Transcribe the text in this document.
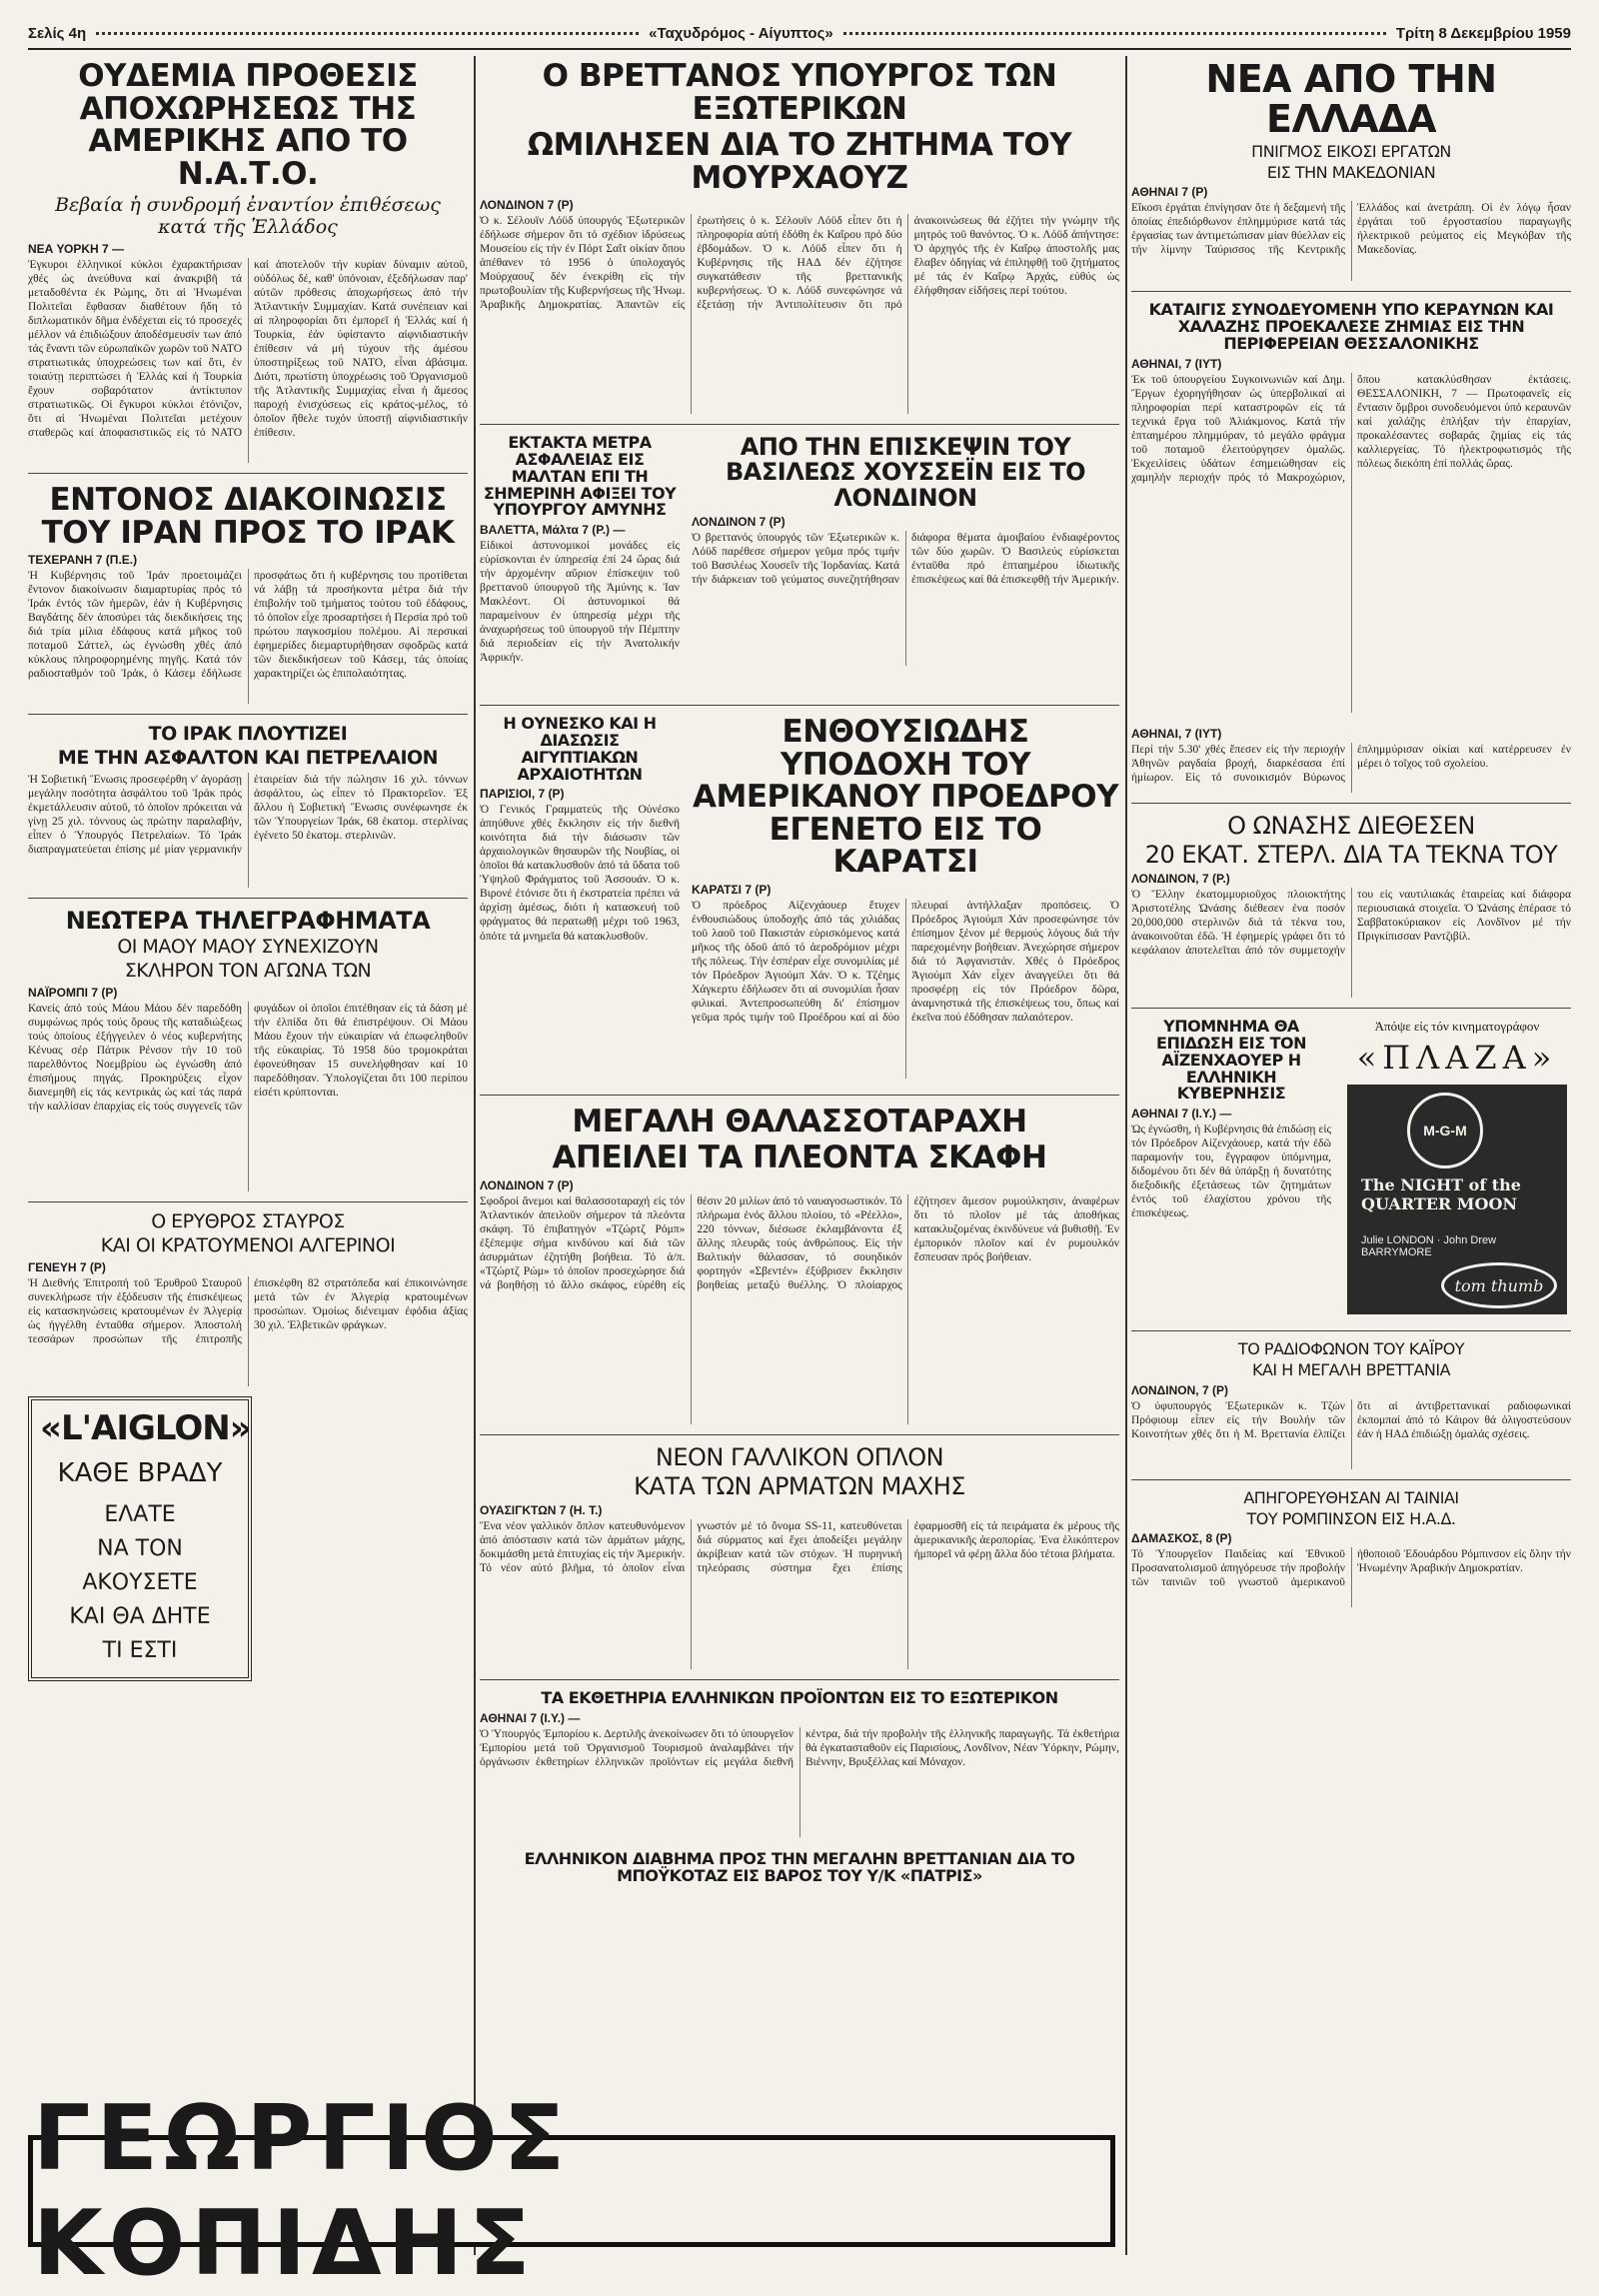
Σελίς 4η	«Ταχυδρόμος - Αίγυπτος»	Τρίτη 8 Δεκεμβρίου 1959
ΟΥΔΕΜΙΑ ΠΡΟΘΕΣΙΣ ΑΠΟΧΩΡΗΣΕΩΣ ΤΗΣ ΑΜΕΡΙΚΗΣ ΑΠΟ ΤΟ Ν.Α.Τ.Ο.
Βεβαία ἡ συνδρομή ἐναντίον ἐπιθέσεως κατά τῆς Ἑλλάδος
ΝΕΑ ΥΟΡΚΗ 7 —
Ἐγκυροι ἑλληνικοί κύκλοι ἐχαρακτήρισαν χθές ὡς ἀνεύθυνα καί ἀνακριβῆ τά μεταδοθέντα ἐκ Ρώμης, ὅτι αἱ Ἡνωμέναι Πολιτεῖαι ἔφθασαν διαθέτουν ἤδη τό διπλωματικόν δῆμα ἐνδέχεται εἰς τό προσεχές μέλλον νά ἐπιδιώξουν ἀποδέσμευσίν των ἀπό τάς ἔναντι τῶν εὐρωπαϊκῶν χωρῶν τοῦ ΝΑΤΟ στρατιωτικάς ὑποχρεώσεις των καί ὅτι, ἐν τοιαύτῃ περιπτώσει ἡ Ἑλλάς καί ἡ Τουρκία ἔχουν σοβαρότατον ἀντίκτυπον στρατιωτικῶς. Οἱ ἔγκυροι κύκλοι ἐτόνιζον, ὅτι αἱ Ἡνωμέναι Πολιτεῖαι μετέχουν σταθερῶς καί ἀποφασιστικῶς εἰς τό ΝΑΤΟ καί ἀποτελοῦν τήν κυρίαν δύναμιν αὐτοῦ, οὐδόλως δέ, καθ' ὑπόνοιαν, ἐξεδήλωσαν παρ' αὐτῶν πρόθεσις ἀποχωρήσεως ἀπό τήν Ἀτλαντικήν Συμμαχίαν. Κατά συνέπειαν καί αἱ πληροφορίαι ὅτι ἐμπορεῖ ἡ Ἑλλάς καί ἡ Τουρκία, ἐάν ὑφίσταντο αἰφνιδιαστικήν ἐπίθεσιν νά μή τύχουν τῆς ἀμέσου ὑποστηρίξεως τοῦ ΝΑΤΟ, εἶναι ἀβάσιμα. Διότι, πρωτίστη ὑποχρέωσις τοῦ Ὀργανισμοῦ τῆς Ἀτλαντικῆς Συμμαχίας εἶναι ἡ ἄμεσος παροχή ἐνισχύσεως εἰς κράτος-μέλος, τό ὁποῖον ἤθελε τυχόν ὑποστῇ αἰφνιδιαστικήν ἐπίθεσιν.
ΕΝΤΟΝΟΣ ΔΙΑΚΟΙΝΩΣΙΣ ΤΟΥ ΙΡΑΝ ΠΡΟΣ ΤΟ ΙΡΑΚ
ΤΕΧΕΡΑΝΗ 7 (Π.Ε.)
Ἡ Κυβέρνησις τοῦ Ἰράν προετοιμάζει ἔντονον διακοίνωσιν διαμαρτυρίας πρός τό Ἰράκ ἐντός τῶν ἡμερῶν, ἐάν ἡ Κυβέρνησις Βαγδάτης δέν ἀποσύρει τάς διεκδικήσεις της διά τρία μίλια ἐδάφους κατά μῆκος τοῦ ποταμοῦ Σάττελ, ὡς ἐγνώσθη χθές ἀπό κύκλους πληροφορημένης πηγῆς. Κατά τόν ραδιοσταθμόν τοῦ Ἰράκ, ὁ Κάσεμ ἐδήλωσε προσφάτως ὅτι ἡ κυβέρνησις του προτίθεται νά λάβῃ τά προσήκοντα μέτρα διά τήν ἐπιβολήν τοῦ τμήματος τούτου τοῦ ἐδάφους, τό ὁποῖον εἶχε προσαρτήσει ἡ Περσία πρό τοῦ πρώτου παγκοσμίου πολέμου. Αἱ περσικαί ἐφημερίδες διεμαρτυρήθησαν σφοδρῶς κατά τῶν διεκδικήσεων τοῦ Κάσεμ, τάς ὁποίας χαρακτηρίζει ὡς ἐπιπολαιότητας.
ΤΟ ΙΡΑΚ ΠΛΟΥΤΙΖΕΙ
ΜΕ ΤΗΝ ΑΣΦΑΛΤΟΝ ΚΑΙ ΠΕΤΡΕΛΑΙΟΝ
Ἡ Σοβιετική Ἕνωσις προσεφέρθη ν' ἀγοράσῃ μεγάλην ποσότητα ἀσφάλτου τοῦ Ἰράκ πρός ἐκμετάλλευσιν αὐτοῦ, τό ὁποῖον πρόκειται νά γίνῃ 25 χιλ. τόννους ὡς πρώτην παραλαβήν, εἶπεν ὁ Ὑπουργός Πετρελαίων. Τό Ἰράκ διαπραγματεύεται ἐπίσης μέ μίαν γερμανικήν ἑταιρείαν διά τήν πώλησιν 16 χιλ. τόννων ἀσφάλτου, ὡς εἶπεν τό Πρακτορεῖον. Ἐξ ἄλλου ἡ Σοβιετική Ἕνωσις συνέφωνησε ἐκ τῶν Ὑπουργείων Ἰράκ, 68 ἑκατομ. στερλίνας ἐγένετο 50 ἑκατομ. στερλινῶν.
ΝΕΩΤΕΡΑ ΤΗΛΕΓΡΑΦΗΜΑΤΑ
ΟΙ ΜΑΟΥ ΜΑΟΥ ΣΥΝΕΧΙΖΟΥΝ
ΣΚΛΗΡΟΝ ΤΟΝ ΑΓΩΝΑ ΤΩΝ
ΝΑΪΡΟΜΠΙ 7 (Ρ)
Κανείς ἀπό τούς Μάου Μάου δέν παρεδόθη συμφώνως πρός τούς ὅρους τῆς καταδιώξεως τούς ὁποίους ἐξήγγειλεν ὁ νέος κυβερνήτης Κένυας σέρ Πάτρικ Ρένσον τήν 10 τοῦ παρελθόντος Νοεμβρίου ὡς ἐγνώσθη ἀπό ἐπισήμους πηγάς. Προκηρύξεις εἶχον διανεμηθῆ εἰς τάς κεντρικάς ὡς καί τάς παρά τήν καλλίσαν ἐπαρχίας εἰς τούς συγγενεῖς τῶν φυγάδων οἱ ὁποῖοι ἐπιτέθησαν εἰς τά δάση μέ τήν ἐλπίδα ὅτι θά ἐπιστρέψουν. Οἱ Μάου Μάου ἔχουν τήν εὐκαιρίαν νά ἐπωφεληθοῦν τῆς εὐκαιρίας. Τό 1958 δύο τρομοκράται ἐφονεύθησαν 15 συνελήφθησαν καί 10 παρεδόθησαν. Ὑπολογίζεται ὅτι 100 περίπου εἰσέτι κρύπτονται.
Ο ΕΡΥΘΡΟΣ ΣΤΑΥΡΟΣ
ΚΑΙ ΟΙ ΚΡΑΤΟΥΜΕΝΟΙ ΑΛΓΕΡΙΝΟΙ
ΓΕΝΕΥΗ 7 (Ρ)
Ἡ Διεθνής Ἐπιτροπή τοῦ Ἐρυθροῦ Σταυροῦ συνεκλήρωσε τήν ἐξόδευσιν τῆς ἐπισκέψεως εἰς κατασκηνώσεις κρατουμένων ἐν Ἀλγερίᾳ ὡς ἠγγέλθη ἐνταῦθα σήμερον. Ἀποστολή τεσσάρων προσώπων τῆς ἐπιτροπῆς ἐπισκέφθη 82 στρατόπεδα καί ἐπικοινώνησε μετά τῶν ἐν Ἀλγερίᾳ κρατουμένων προσώπων. Ὁμοίως διένειμαν ἐφόδια ἀξίας 30 χιλ. Ἑλβετικῶν φράγκων.
«L'AIGLON»
ΚΑΘΕ ΒΡΑΔΥ
ΕΛΑΤΕ
ΝΑ ΤΟΝ
ΑΚΟΥΣΕΤΕ
ΚΑΙ ΘΑ ΔΗΤΕ
ΤΙ ΕΣΤΙ
Ο ΒΡΕΤΤΑΝΟΣ ΥΠΟΥΡΓΟΣ ΤΩΝ ΕΞΩΤΕΡΙΚΩΝ
ΩΜΙΛΗΣΕΝ ΔΙΑ ΤΟ ΖΗΤΗΜΑ ΤΟΥ ΜΟΥΡΧΑΟΥΖ
ΛΟΝΔΙΝΟΝ 7 (Ρ)
Ὁ κ. Σέλουϊν Λόϋδ ὑπουργός Ἐξωτερικῶν ἐδήλωσε σήμερον ὅτι τό σχέδιον ἱδρύσεως Μουσείου εἰς τήν ἐν Πόρτ Σαΐτ οἰκίαν ὅπου ἀπέθανεν τό 1956 ὁ ὑπολοχαγός Μούρχαουζ δέν ἐνεκρίθη εἰς τήν πρωτοβουλίαν τῆς Κυβερνήσεως τῆς Ἡνωμ. Ἀραβικῆς Δημοκρατίας. Ἀπαντῶν εἰς ἐρωτήσεις ὁ κ. Σέλουϊν Λόϋδ εἶπεν ὅτι ἡ πληροφορία αὐτή ἐδόθη ἐκ Καΐρου πρό δύο ἑβδομάδων. Ὁ κ. Λόϋδ εἶπεν ὅτι ἡ Κυβέρνησις τῆς ΗΑΔ δέν ἐζήτησε συγκατάθεσιν τῆς βρεττανικῆς κυβερνήσεως. Ὁ κ. Λόϋδ συνεφώνησε νά ἐξετάσῃ τήν Ἀντιπολίτευσιν ὅτι πρό ἀνακοινώσεως θά ἐζήτει τήν γνώμην τῆς μητρός τοῦ θανόντος. Ὁ κ. Λόϋδ ἀπήντησε: Ὁ ἀρχηγός τῆς ἐν Καΐρῳ ἀποστολῆς μας ἔλαβεν ὁδηγίας νά ἐπιληφθῇ τοῦ ζητήματος μέ τάς ἐν Καΐρῳ Ἀρχάς, εὐθύς ὡς ἐλήφθησαν εἰδήσεις περί τούτου.
ΕΚΤΑΚΤΑ ΜΕΤΡΑ ΑΣΦΑΛΕΙΑΣ ΕΙΣ ΜΑΛΤΑΝ ΕΠΙ ΤΗ ΣΗΜΕΡΙΝΗ ΑΦΙΞΕΙ ΤΟΥ ΥΠΟΥΡΓΟΥ ΑΜΥΝΗΣ
ΒΑΛΕΤΤΑ, Μάλτα 7 (Ρ.) —
Εἰδικοί ἀστυνομικοί μονάδες εἰς εὑρίσκονται ἐν ὑπηρεσίᾳ ἐπί 24 ὥρας διά τήν ἀρχομένην αὔριον ἐπίσκεψιν τοῦ βρεττανοῦ ὑπουργοῦ τῆς Ἀμύνης κ. Ἰαν Μακλέοντ. Οἱ ἀστυνομικοί θά παραμείνουν ἐν ὑπηρεσίᾳ μέχρι τῆς ἀναχωρήσεως τοῦ ὑπουργοῦ τήν Πέμπτην διά περιοδείαν εἰς τήν Ἀνατολικήν Ἀφρικήν.
ΑΠΟ ΤΗΝ ΕΠΙΣΚΕΨΙΝ ΤΟΥ ΒΑΣΙΛΕΩΣ ΧΟΥΣΣΕΪΝ ΕΙΣ ΤΟ ΛΟΝΔΙΝΟΝ
ΛΟΝΔΙΝΟΝ 7 (Ρ)
Ὁ βρεττανός ὑπουργός τῶν Ἐξωτερικῶν κ. Λόϋδ παρέθεσε σήμερον γεῦμα πρός τιμήν τοῦ Βασιλέως Χουσεΐν τῆς Ἰορδανίας. Κατά τήν διάρκειαν τοῦ γεύματος συνεζητήθησαν διάφορα θέματα ἀμοιβαίου ἐνδιαφέροντος τῶν δύο χωρῶν. Ὁ Βασιλεύς εὑρίσκεται ἐνταῦθα πρό ἑπταημέρου ἰδιωτικῆς ἐπισκέψεως καί θά ἐπισκεφθῇ τήν Ἀμερικήν.
Η ΟΥΝΕΣΚΟ ΚΑΙ Η ΔΙΑΣΩΣΙΣ ΑΙΓΥΠΤΙΑΚΩΝ ΑΡΧΑΙΟΤΗΤΩΝ
ΠΑΡΙΣΙΟΙ, 7 (Ρ)
Ὁ Γενικός Γραμματεύς τῆς Οὐνέσκο ἀπηύθυνε χθές ἔκκλησιν εἰς τήν διεθνῆ κοινότητα διά τήν διάσωσιν τῶν ἀρχαιολογικῶν θησαυρῶν τῆς Νουβίας, οἱ ὁποῖοι θά κατακλυσθοῦν ἀπό τά ὕδατα τοῦ Ὑψηλοῦ Φράγματος τοῦ Ἀσσουάν. Ὁ κ. Βιρονέ ἐτόνισε ὅτι ἡ ἐκστρατεία πρέπει νά ἀρχίσῃ ἀμέσως, διότι ἡ κατασκευή τοῦ φράγματος θά περατωθῇ μέχρι τοῦ 1963, ὁπότε τά μνημεῖα θά κατακλυσθοῦν.
ΕΝΘΟΥΣΙΩΔΗΣ ΥΠΟΔΟΧΗ ΤΟΥ ΑΜΕΡΙΚΑΝΟΥ ΠΡΟΕΔΡΟΥ ΕΓΕΝΕΤΟ ΕΙΣ ΤΟ ΚΑΡΑΤΣΙ
ΚΑΡΑΤΣΙ 7 (Ρ)
Ὁ πρόεδρος Αἰζενχάουερ ἔτυχεν ἐνθουσιώδους ὑποδοχῆς ἀπό τάς χιλιάδας τοῦ λαοῦ τοῦ Πακιστάν εὑρισκόμενος κατά μῆκος τῆς ὁδοῦ ἀπό τό ἀεροδρόμιον μέχρι τῆς πόλεως. Τήν ἐσπέραν εἶχε συνομιλίας μέ τόν Πρόεδρον Ἀγιούμπ Χάν. Ὁ κ. Τζέημς Χάγκερτυ ἐδήλωσεν ὅτι αἱ συνομιλίαι ἦσαν φιλικαί. Ἀντεπροσωπεύθη δι' ἐπίσημον γεῦμα πρός τιμήν τοῦ Προέδρου καί αἱ δύο πλευραί ἀντήλλαξαν προπόσεις. Ὁ Πρόεδρος Ἀγιούμπ Χάν προσεφώνησε τόν ἐπίσημον ξένον μέ θερμούς λόγους διά τήν παρεχομένην βοήθειαν. Ἀνεχώρησε σήμερον διά τό Ἀφγανιστάν. Χθές ὁ Πρόεδρος Ἀγιούμπ Χάν εἶχεν ἀναγγείλει ὅτι θά προσφέρῃ εἰς τόν Πρόεδρον δῶρα, ἀναμνηστικά τῆς ἐπισκέψεως του, ὅπως καί ἐκεῖνα πού ἐδόθησαν παλαιότερον.
ΜΕΓΑΛΗ ΘΑΛΑΣΣΟΤΑΡΑΧΗ
ΑΠΕΙΛΕΙ ΤΑ ΠΛΕΟΝΤΑ ΣΚΑΦΗ
ΛΟΝΔΙΝΟΝ 7 (Ρ)
Σφοδροί ἄνεμοι καί θαλασσοταραχή εἰς τόν Ἀτλαντικόν ἀπειλοῦν σήμερον τά πλεόντα σκάφη. Τό ἐπιβατηγόν «Τζώρτζ Ρόμπ» ἐξέπεμψε σήμα κινδύνου καί διά τῶν ἀσυρμάτων ἐζητήθη βοήθεια. Τό ἀ/π. «Τζώρτζ Ρώμ» τό ὁποῖον προσεχώρησε διά νά βοηθήσῃ τό ἄλλο σκάφος, εὑρέθη εἰς θέσιν 20 μιλίων ἀπό τό ναυαγοσωστικόν. Τό πλήρωμα ἑνός ἄλλου πλοίου, τό «Ρέελλο», 220 τόννων, διέσωσε ἐκλαμβάνοντα ἐξ ἄλλης πλευρᾶς τούς ἀνθρώπους. Εἰς τήν Βαλτικήν θάλασσαν, τό σουηδικόν φορτηγόν «Σβεντέν» ἐξύβρισεν ἔκκλησιν βοηθείας μεταξύ θυέλλης. Ὁ πλοίαρχος ἐζήτησεν ἄμεσον ρυμούλκησιν, ἀναφέρων ὅτι τό πλοῖον μέ τάς ἀποθήκας κατακλυζομένας ἐκινδύνευε νά βυθισθῇ. Ἐν ἐμπορικόν πλοῖον καί ἐν ρυμουλκόν ἔσπευσαν πρός βοήθειαν.
ΝΕΟΝ ΓΑΛΛΙΚΟΝ ΟΠΛΟΝ
ΚΑΤΑ ΤΩΝ ΑΡΜΑΤΩΝ ΜΑΧΗΣ
ΟΥΑΣΙΓΚΤΩΝ 7 (Η. Τ.)
Ἕνα νέον γαλλικόν ὅπλον κατευθυνόμενον ἀπό ἀπόστασιν κατά τῶν ἁρμάτων μάχης, δοκιμάσθη μετά ἐπιτυχίας εἰς τήν Ἀμερικήν. Τό νέον αὐτό βλῆμα, τό ὁποῖον εἶναι γνωστόν μέ τό ὄνομα SS-11, κατευθύνεται διά σύρματος καί ἔχει ἀποδείξει μεγάλην ἀκρίβειαν κατά τῶν στόχων. Ἡ πυρηνική τηλεόρασις σύστημα ἔχει ἐπίσης ἐφαρμοσθῆ εἰς τά πειράματα ἐκ μέρους τῆς ἀμερικανικῆς ἀεροπορίας. Ἐνα ἑλικόπτερον ἠμπορεῖ νά φέρῃ ἄλλα δύο τέτοια βλήματα.
ΤΑ ΕΚΘΕΤΗΡΙΑ ΕΛΛΗΝΙΚΩΝ ΠΡΟΪΟΝΤΩΝ ΕΙΣ ΤΟ ΕΞΩΤΕΡΙΚΟΝ
ΑΘΗΝΑΙ 7 (Ι.Υ.) —
Ὁ Ὑπουργός Ἐμπορίου κ. Δερτιλῆς ἀνεκοίνωσεν ὅτι τό ὑπουργεῖον Ἐμπορίου μετά τοῦ Ὀργανισμοῦ Τουρισμοῦ ἀναλαμβάνει τήν ὀργάνωσιν ἐκθετηρίων ἑλληνικῶν προϊόντων εἰς μεγάλα διεθνῆ κέντρα, διά τήν προβολήν τῆς ἑλληνικῆς παραγωγῆς. Τά ἐκθετήρια θά ἐγκατασταθοῦν εἰς Παρισίους, Λονδῖνον, Νέαν Ὑόρκην, Ρώμην, Βιέννην, Βρυξέλλας καί Μόναχον.
ΕΛΛΗΝΙΚΟΝ ΔΙΑΒΗΜΑ ΠΡΟΣ ΤΗΝ ΜΕΓΑΛΗΝ ΒΡΕΤΤΑΝΙΑΝ ΔΙΑ ΤΟ ΜΠΟΫΚΟΤΑΖ ΕΙΣ ΒΑΡΟΣ ΤΟΥ Υ/Κ «ΠΑΤΡΙΣ»
ΝΕΑ ΑΠΟ ΤΗΝ ΕΛΛΑΔΑ
ΠΝΙΓΜΟΣ ΕΙΚΟΣΙ ΕΡΓΑΤΩΝ
ΕΙΣ ΤΗΝ ΜΑΚΕΔΟΝΙΑΝ
ΑΘΗΝΑΙ 7 (Ρ)
Εἴκοσι ἐργάται ἐπνίγησαν ὅτε ἡ δεξαμενή τῆς ὁποίας ἐπεδιόρθωνον ἐπλημμύρισε κατά τάς ἐργασίας των ἀντιμετώπισαν μίαν θύελλαν εἰς τήν λίμνην Ταύρισσος τῆς Κεντρικῆς Ἑλλάδος καί ἀνετράπη. Οἱ ἐν λόγῳ ἦσαν ἐργάται τοῦ ἐργοστασίου παραγωγῆς ἠλεκτρικοῦ ρεύματος εἰς Μεγκόβαν τῆς Μακεδονίας.
ΚΑΤΑΙΓΙΣ ΣΥΝΟΔΕΥΟΜΕΝΗ ΥΠΟ ΚΕΡΑΥΝΩΝ ΚΑΙ ΧΑΛΑΖΗΣ ΠΡΟΕΚΑΛΕΣΕ ΖΗΜΙΑΣ ΕΙΣ ΤΗΝ ΠΕΡΙΦΕΡΕΙΑΝ ΘΕΣΣΑΛΟΝΙΚΗΣ
ΑΘΗΝΑΙ, 7 (ΙΥΤ)
Ἐκ τοῦ ὑπουργείου Συγκοινωνιῶν καί Δημ. Ἔργων ἐχορηγήθησαν ὡς ὑπερβολικαί αἱ πληροφορίαι περί καταστροφῶν εἰς τά τεχνικά ἔργα τοῦ Ἀλιάκμονος. Κατά τήν ἑπταημέρου πλημμύραν, τό μεγάλο φράγμα τοῦ ποταμοῦ ἐλειτούργησεν ὁμαλῶς. Ἐκχειλίσεις ὑδάτων ἐσημειώθησαν εἰς χαμηλήν περιοχήν πρός τό Μακροχώριον, ὅπου κατακλύσθησαν ἐκτάσεις. ΘΕΣΣΑΛΟΝΙΚΗ, 7 — Πρωτοφανεῖς εἰς ἔντασιν ὄμβροι συνοδευόμενοι ὑπό κεραυνῶν καί χαλάζης ἐπλήξαν τήν ἐπαρχίαν, προκαλέσαντες σοβαράς ζημίας εἰς τάς καλλιεργείας. Τό ἠλεκτροφωτισμός τῆς πόλεως διεκόπη ἐπί πολλάς ὥρας.
ΑΘΗΝΑΙ, 7 (ΙΥΤ)
Περί τήν 5.30' χθές ἔπεσεν εἰς τήν περιοχήν Ἀθηνῶν ραγδαία βροχή, διαρκέσασα ἐπί ἡμίωρον. Εἰς τό συνοικισμόν Βύρωνος ἐπλημμύρισαν οἰκίαι καί κατέρρευσεν ἐν μέρει ὁ τοῖχος τοῦ σχολείου.
Ο ΩΝΑΣΗΣ ΔΙΕΘΕΣΕΝ
20 ΕΚΑΤ. ΣΤΕΡΛ. ΔΙΑ ΤΑ ΤΕΚΝΑ ΤΟΥ
ΛΟΝΔΙΝΟΝ, 7 (Ρ.)
Ὁ Ἕλλην ἐκατομμυριοῦχος πλοιοκτήτης Ἀριστοτέλης Ὠνάσης διέθεσεν ἐνα ποσόν 20,000,000 στερλινῶν διά τά τέκνα του, ἀνακοινοῦται ἐδῶ. Ἡ ἐφημερίς γράφει ὅτι τό κεφάλαιον ἀποτελεῖται ἀπό τόν συμμετοχήν του εἰς ναυτιλιακάς ἑταιρείας καί διάφορα περιουσιακά στοιχεῖα. Ὁ Ὠνάσης ἐπέρασε τό Σαββατοκύριακον εἰς Λονδῖνον μέ τήν Πριγκίπισσαν Ραντζιβίλ.
ΥΠΟΜΝΗΜΑ ΘΑ ΕΠΙΔΩΣΗ ΕΙΣ ΤΟΝ ΑΪΖΕΝΧΑΟΥΕΡ Η ΕΛΛΗΝΙΚΗ ΚΥΒΕΡΝΗΣΙΣ
ΑΘΗΝΑΙ 7 (Ι.Υ.) —
Ὡς ἐγνώσθη, ἡ Κυβέρνησις θά ἐπιδώσῃ εἰς τόν Πρόεδρον Αἰζενχάουερ, κατά τήν ἐδῶ παραμονήν του, ἔγγραφον ὑπόμνημα, διδομένου ὅτι δέν θά ὑπάρξῃ ἡ δυνατότης διεξοδικῆς ἐξετάσεως τῶν ζητημάτων ἐντός τοῦ ἐλαχίστου χρόνου τῆς ἐπισκέψεως.
Ἀπόψε εἰς τόν κινηματογράφον
«ΠΛΑΖΑ»
M-G-M
The NIGHT of the QUARTER MOON
Julie LONDON · John Drew BARRYMORE
tom thumb
ΤΟ ΡΑΔΙΟΦΩΝΟΝ ΤΟΥ ΚΑΪΡΟΥ
ΚΑΙ Η ΜΕΓΑΛΗ ΒΡΕΤΤΑΝΙΑ
ΛΟΝΔΙΝΟΝ, 7 (Ρ)
Ὁ ὑφυπουργός Ἐξωτερικῶν κ. Τζών Πρόφιουμ εἶπεν εἰς τήν Βουλήν τῶν Κοινοτήτων χθές ὅτι ἡ Μ. Βρεττανία ἐλπίζει ὅτι αἱ ἀντιβρεττανικαί ραδιοφωνικαί ἐκπομπαί ἀπό τό Κάιρον θά ὀλιγοστεύσουν ἐάν ἡ ΗΑΔ ἐπιδιώξῃ ὁμαλάς σχέσεις.
ΑΠΗΓΟΡΕΥΘΗΣΑΝ ΑΙ ΤΑΙΝΙΑΙ
ΤΟΥ ΡΟΜΠΙΝΣΟΝ ΕΙΣ Η.Α.Δ.
ΔΑΜΑΣΚΟΣ, 8 (Ρ)
Τό Ὑπουργεῖον Παιδείας καί Ἐθνικοῦ Προσανατολισμοῦ ἀπηγόρευσε τήν προβολήν τῶν ταινιῶν τοῦ γνωστοῦ ἀμερικανοῦ ἠθοποιοῦ Ἐδουάρδου Ρόμπινσον εἰς ὅλην τήν Ἡνωμένην Ἀραβικήν Δημοκρατίαν.
ΓΕΩΡΓΙΟΣ ΚΟΠΙΔΗΣ
